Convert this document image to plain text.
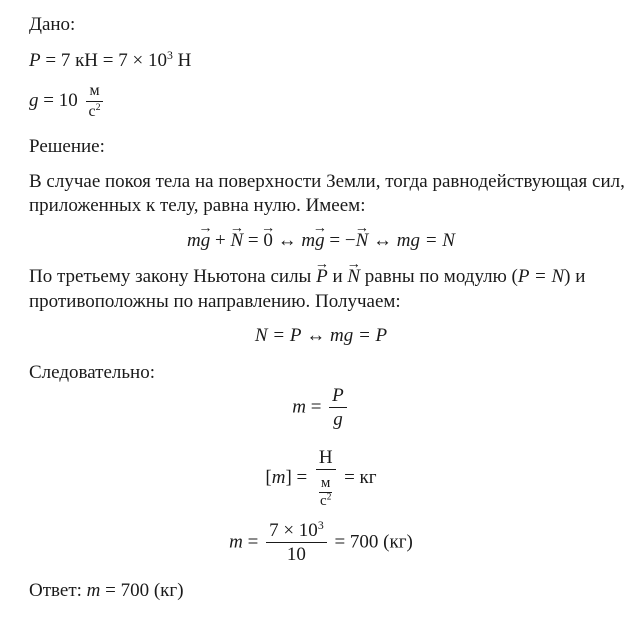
Дано:
P = 7 кН = $7 \times 10^3$ Н
$g = 10 \frac{м}{с^2}$
Решение:
В случае покоя тела на поверхности Земли, тогда равнодействующая сил,
приложенных к телу, равна нулю. Имеем:
m→ g + → N = → 0 ↔ m→ g = −→ N ↔ mg = N
По третьему закону Ньютона силы → P и → N равны по модулю (P = N) и
противоположны по направлению. Получаем:
N = P ↔ mg = P
Следовательно:
$m = \frac{P}{g}$
[m] = Н
м
$с^2$ = кг
$m = \frac{7 \times 10^3}{10} = 700$ (кг)
Ответ: m = 700 (кг)
